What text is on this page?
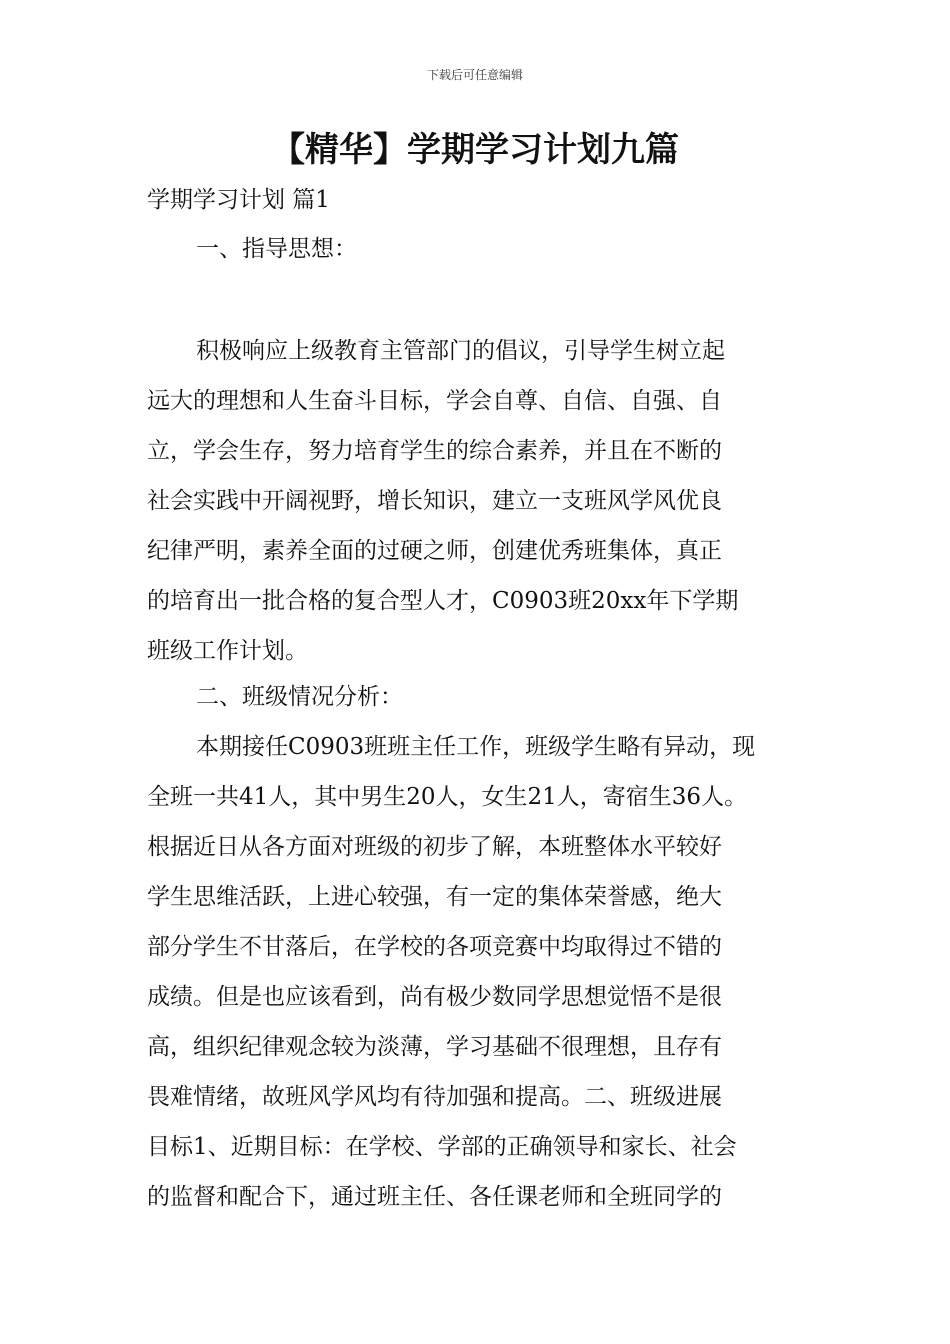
下载后可任意编辑
【精华】学期学习计划九篇
学期学习计划 篇1
一、指导思想：
积极响应上级教育主管部门的倡议，引导学生树立起
远大的理想和人生奋斗目标，学会自尊、自信、自强、自
立，学会生存，努力培育学生的综合素养，并且在不断的
社会实践中开阔视野，增长知识，建立一支班风学风优良
纪律严明，素养全面的过硬之师，创建优秀班集体，真正
的培育出一批合格的复合型人才，C0903班20xx年下学期
班级工作计划。
二、班级情况分析：
本期接任C0903班班主任工作，班级学生略有异动，现
全班一共41人，其中男生20人，女生21人，寄宿生36人。
根据近日从各方面对班级的初步了解，本班整体水平较好
学生思维活跃，上进心较强，有一定的集体荣誉感，绝大
部分学生不甘落后，在学校的各项竞赛中均取得过不错的
成绩。但是也应该看到，尚有极少数同学思想觉悟不是很
高，组织纪律观念较为淡薄，学习基础不很理想，且存有
畏难情绪，故班风学风均有待加强和提高。二、班级进展
目标1、近期目标：在学校、学部的正确领导和家长、社会
的监督和配合下，通过班主任、各任课老师和全班同学的
